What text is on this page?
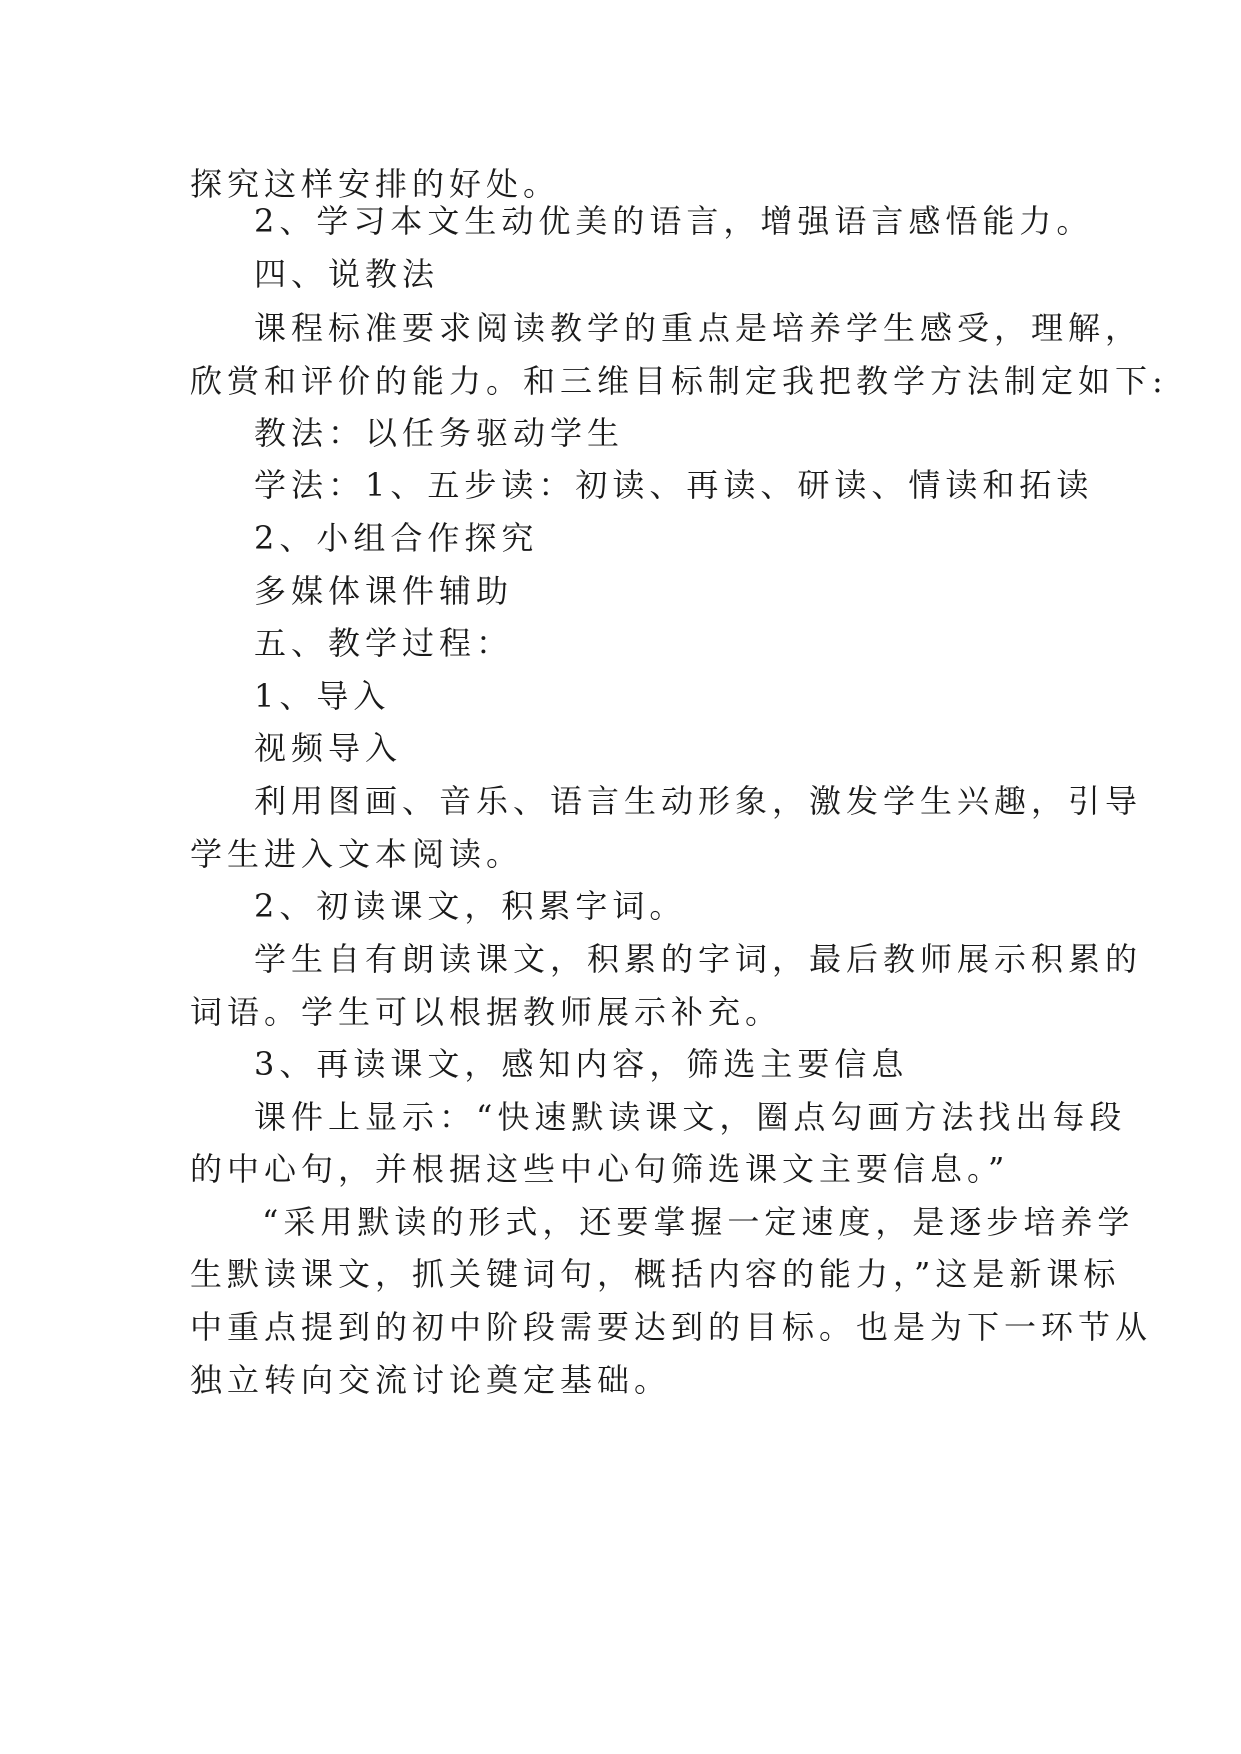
探究这样安排的好处。
2、学习本文生动优美的语言，增强语言感悟能力。
四、说教法
课程标准要求阅读教学的重点是培养学生感受，理解，
欣赏和评价的能力。和三维目标制定我把教学方法制定如下:
教法：以任务驱动学生
学法：1、五步读：初读、再读、研读、情读和拓读
2、小组合作探究
多媒体课件辅助
五、教学过程：
1、导入
视频导入
利用图画、音乐、语言生动形象，激发学生兴趣，引导
学生进入文本阅读。
2、初读课文，积累字词。
学生自有朗读课文，积累的字词，最后教师展示积累的
词语。学生可以根据教师展示补充。
3、再读课文，感知内容，筛选主要信息
课件上显示：“快速默读课文，圈点勾画方法找出每段
的中心句，并根据这些中心句筛选课文主要信息。”
“采用默读的形式，还要掌握一定速度，是逐步培养学
生默读课文，抓关键词句，概括内容的能力，”这是新课标
中重点提到的初中阶段需要达到的目标。也是为下一环节从
独立转向交流讨论奠定基础。
